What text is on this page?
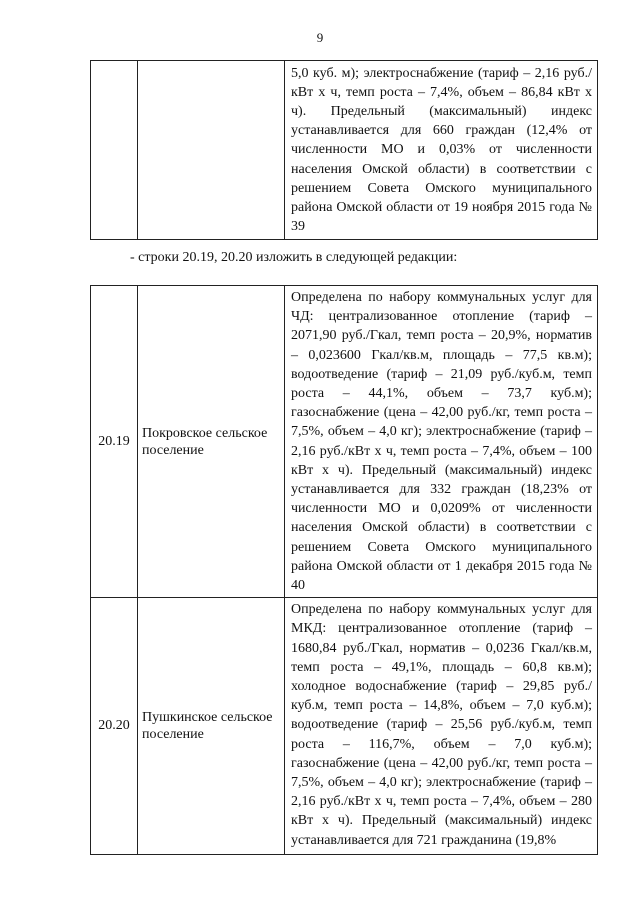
9
		5,0 куб. м); электроснабжение (тариф – 2,16 руб./кВт х ч, темп роста – 7,4%, объем – 86,84 кВт х ч). Предельный (максимальный) индекс устанавливается для 660 граждан (12,4% от численности МО и 0,03% от численности населения Омской области) в соответствии с решением Совета Омского муниципального района Омской области от 19 ноября 2015 года № 39
- строки 20.19, 20.20 изложить в следующей редакции:
20.19	Покровское сельское поселение	Определена по набору коммунальных услуг для ЧД: централизованное отопление (тариф – 2071,90 руб./Гкал, темп роста – 20,9%, норматив – 0,023600 Гкал/кв.м, площадь – 77,5 кв.м); водоотведение (тариф – 21,09 руб./куб.м, темп роста – 44,1%, объем – 73,7 куб.м); газоснабжение (цена – 42,00 руб./кг, темп роста – 7,5%, объем – 4,0 кг); электроснабжение (тариф – 2,16 руб./кВт х ч, темп роста – 7,4%, объем – 100 кВт х ч). Предельный (максимальный) индекс устанавливается для 332 граждан (18,23% от численности МО и 0,0209% от численности населения Омской области) в соответствии с решением Совета Омского муниципального района Омской области от 1 декабря 2015 года № 40
20.20	Пушкинское сельское поселение	Определена по набору коммунальных услуг для МКД: централизованное отопление (тариф – 1680,84 руб./Гкал, норматив – 0,0236 Гкал/кв.м, темп роста – 49,1%, площадь – 60,8 кв.м); холодное водоснабжение (тариф – 29,85 руб./куб.м, темп роста – 14,8%, объем – 7,0 куб.м); водоотведение (тариф – 25,56 руб./куб.м, темп роста – 116,7%, объем – 7,0 куб.м); газоснабжение (цена – 42,00 руб./кг, темп роста – 7,5%, объем – 4,0 кг); электроснабжение (тариф – 2,16 руб./кВт х ч, темп роста – 7,4%, объем – 280 кВт х ч). Предельный (максимальный) индекс устанавливается для 721 гражданина (19,8%
